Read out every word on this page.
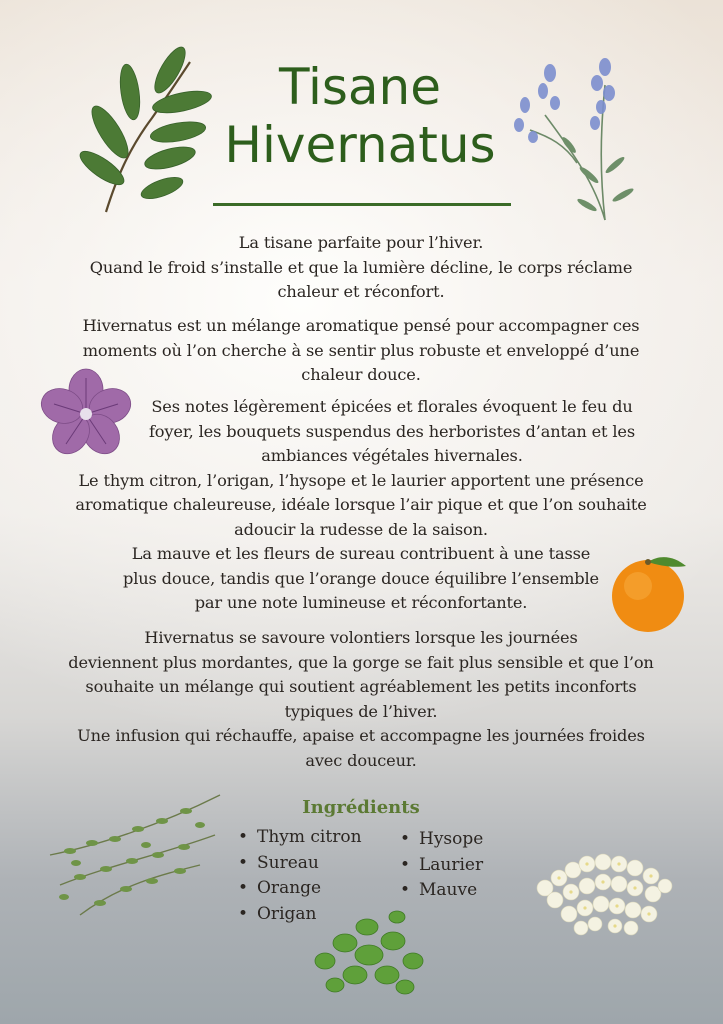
Tisane Hivernatus

La tisane parfaite pour l’hiver.
Quand le froid s’installe et que la lumière décline, le corps réclame
chaleur et réconfort.

Hivernatus est un mélange aromatique pensé pour accompagner ces
moments où l’on cherche à se sentir plus robuste et enveloppé d’une
chaleur douce.

Ses notes légèrement épicées et florales évoquent le feu du
foyer, les bouquets suspendus des herboristes d’antan et les
ambiances végétales hivernales.
Le thym citron, l’origan, l’hysope et le laurier apportent une présence
aromatique chaleureuse, idéale lorsque l’air pique et que l’on souhaite
adoucir la rudesse de la saison.
La mauve et les fleurs de sureau contribuent à une tasse
plus douce, tandis que l’orange douce équilibre l’ensemble
par une note lumineuse et réconfortante.

Hivernatus se savoure volontiers lorsque les journées
deviennent plus mordantes, que la gorge se fait plus sensible et que l’on
souhaite un mélange qui soutient agréablement les petits inconforts
typiques de l’hiver.
Une infusion qui réchauffe, apaise et accompagne les journées froides
avec douceur.

Ingrédients
• Thym citron
• Sureau
• Orange
• Origan
• Hysope
• Laurier
• Mauve
